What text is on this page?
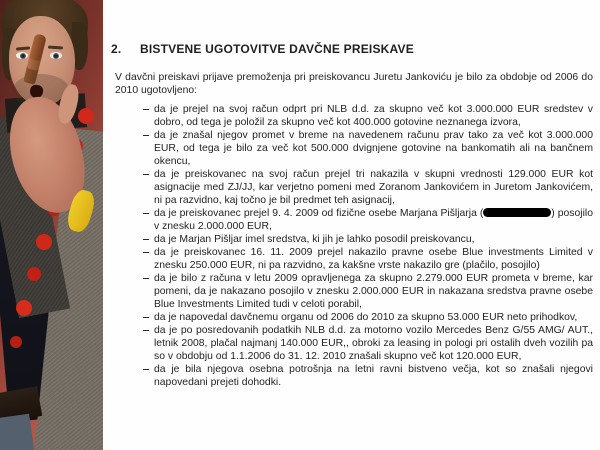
2. BISTVENE UGOTOVITVE DAVČNE PREISKAVE

V davčni preiskavi prijave premoženja pri preiskovancu Juretu Jankoviću je bilo za obdobje od 2006 do 2010 ugotovljeno:

da je prejel na svoj račun odprt pri NLB d.d. za skupno več kot 3.000.000 EUR sredstev v dobro, od tega je položil za skupno več kot 400.000 gotovine neznanega izvora,
da je znašal njegov promet v breme na navedenem računu prav tako za več kot 3.000.000 EUR, od tega je bilo za več kot 500.000 dvignjene gotovine na bankomatih ali na bančnem okencu,
da je preiskovanec na svoj račun prejel tri nakazila v skupni vrednosti 129.000 EUR kot asignacije med ZJ/JJ, kar verjetno pomeni med Zoranom Jankovićem in Juretom Jankovićem, ni pa razvidno, kaj točno je bil predmet teh asignacij,
da je preiskovanec prejel 9. 4. 2009 od fizične osebe Marjana Pišljarja (	) posojilo v znesku 2.000.000 EUR,
da je Marjan Pišljar imel sredstva, ki jih je lahko posodil preiskovancu,
da je preiskovanec 16. 11. 2009 prejel nakazilo pravne osebe Blue investments Limited v znesku 250.000 EUR, ni pa razvidno, za kakšne vrste nakazilo gre (plačilo, posojilo)
da je bilo z računa v letu 2009 opravljenega za skupno 2.279.000 EUR prometa v breme, kar pomeni, da je nakazano posojilo v znesku 2.000.000 EUR in nakazana sredstva pravne osebe Blue Investments Limited tudi v celoti porabil,
da je napovedal davčnemu organu od 2006 do 2010 za skupno 53.000 EUR neto prihodkov,
da je po posredovanih podatkih NLB d.d. za motorno vozilo Mercedes Benz G/55 AMG/ AUT., letnik 2008, plačal najmanj 140.000 EUR,, obroki za leasing in pologi pri ostalih dveh vozilih pa so v obdobju od 1.1.2006 do 31. 12. 2010 znašali skupno več kot 120.000 EUR,
da je bila njegova osebna potrošnja na letni ravni bistveno večja, kot so znašali njegovi napovedani prejeti dohodki.
